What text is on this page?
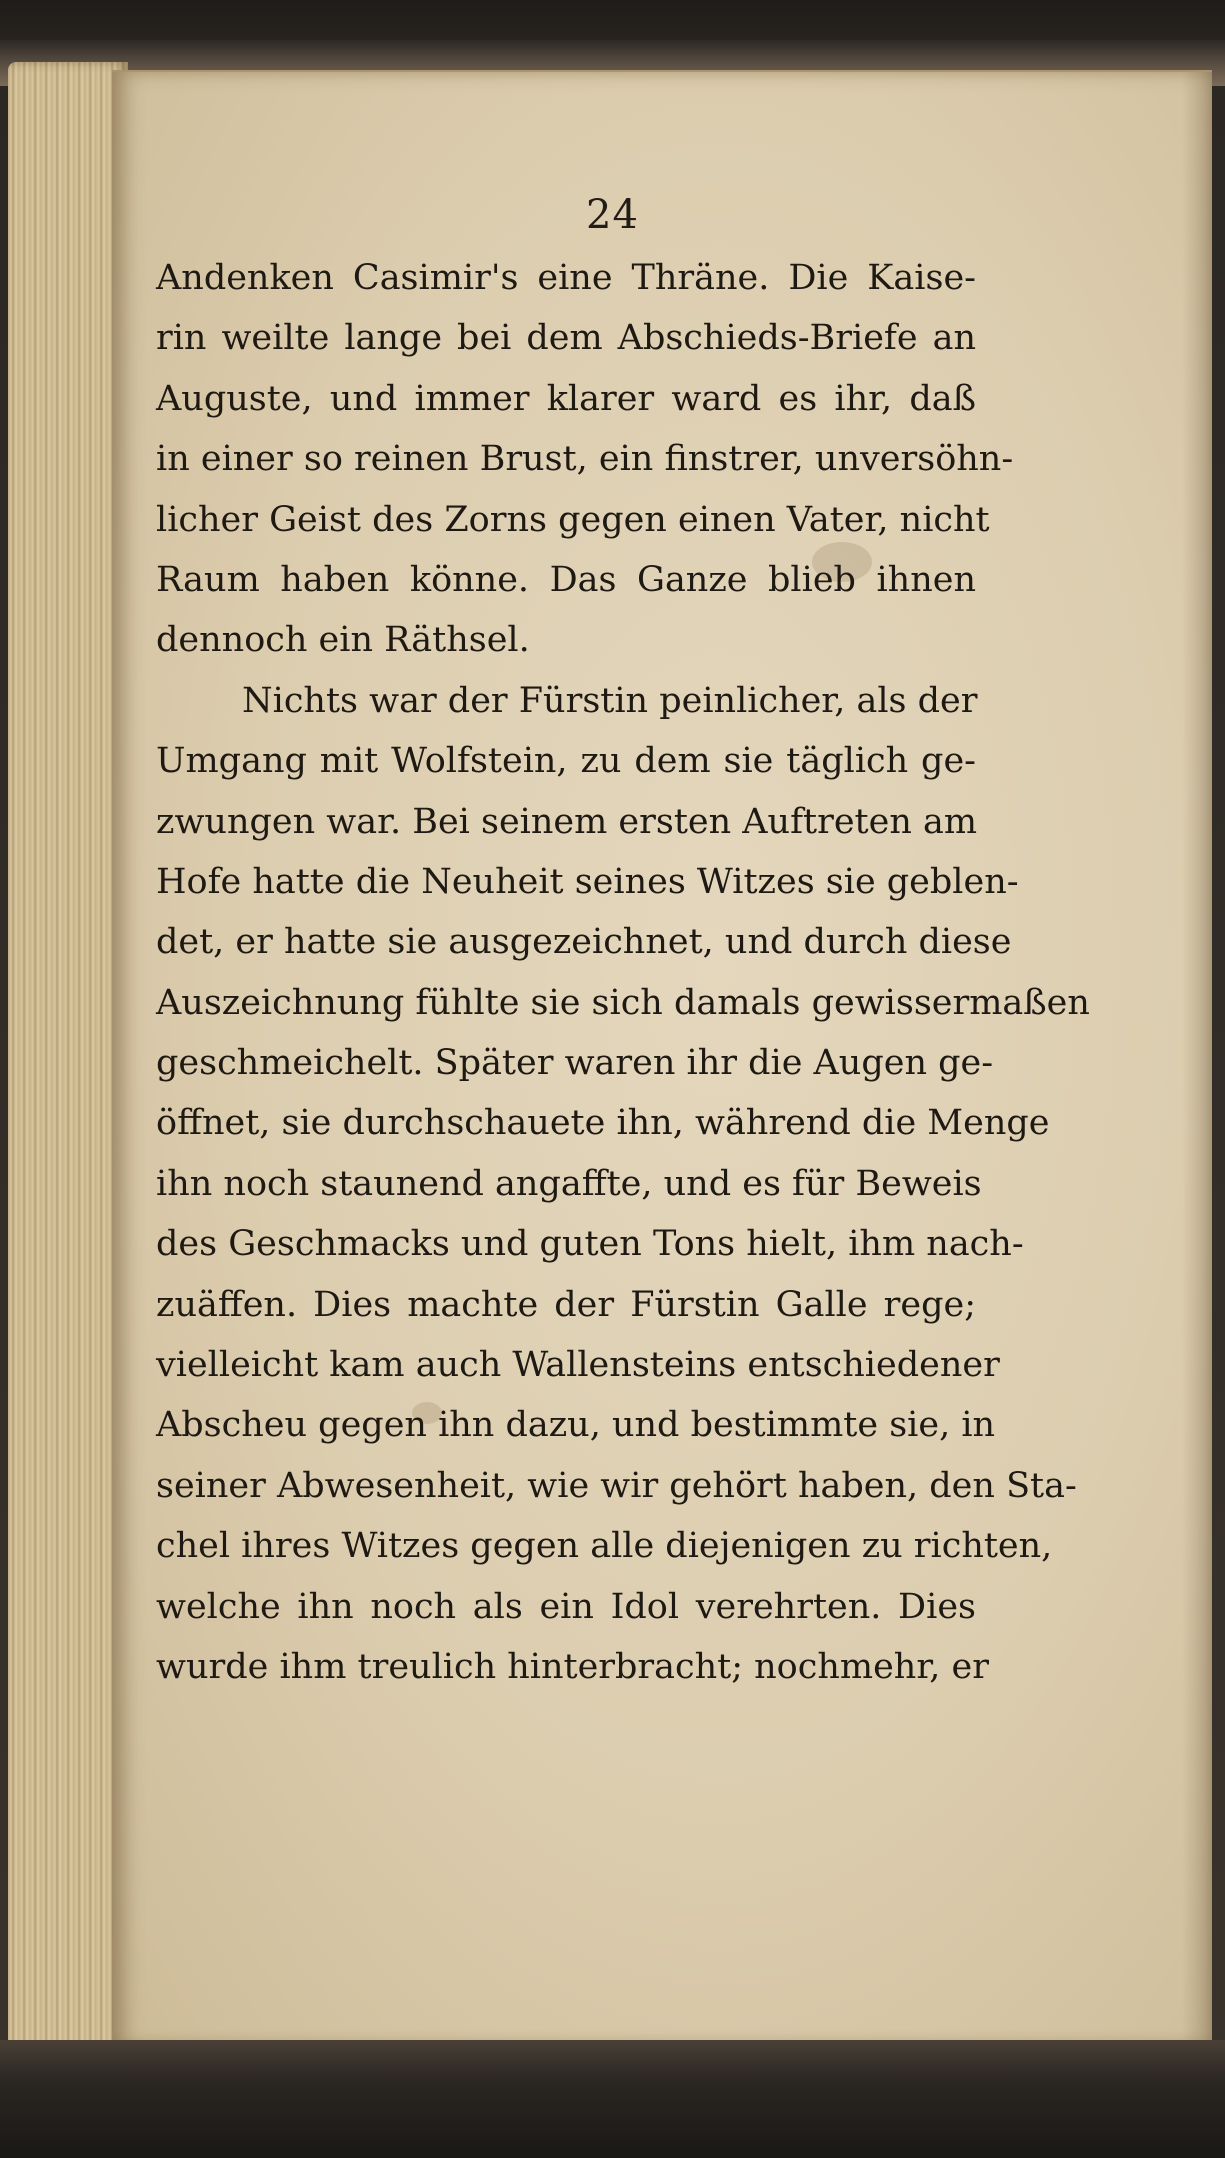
24
Andenken Casimir's eine Thräne. Die Kaise-
rin weilte lange bei dem Abschieds-Briefe an
Auguste, und immer klarer ward es ihr, daß
in einer so reinen Brust, ein finstrer, unversöhn-
licher Geist des Zorns gegen einen Vater, nicht
Raum haben könne. Das Ganze blieb ihnen
dennoch ein Räthsel.
Nichts war der Fürstin peinlicher, als der
Umgang mit Wolfstein, zu dem sie täglich ge-
zwungen war. Bei seinem ersten Auftreten am
Hofe hatte die Neuheit seines Witzes sie geblen-
det, er hatte sie ausgezeichnet, und durch diese
Auszeichnung fühlte sie sich damals gewissermaßen
geschmeichelt. Später waren ihr die Augen ge-
öffnet, sie durchschauete ihn, während die Menge
ihn noch staunend angaffte, und es für Beweis
des Geschmacks und guten Tons hielt, ihm nach-
zuäffen. Dies machte der Fürstin Galle rege;
vielleicht kam auch Wallensteins entschiedener
Abscheu gegen ihn dazu, und bestimmte sie, in
seiner Abwesenheit, wie wir gehört haben, den Sta-
chel ihres Witzes gegen alle diejenigen zu richten,
welche ihn noch als ein Idol verehrten. Dies
wurde ihm treulich hinterbracht; nochmehr, er
